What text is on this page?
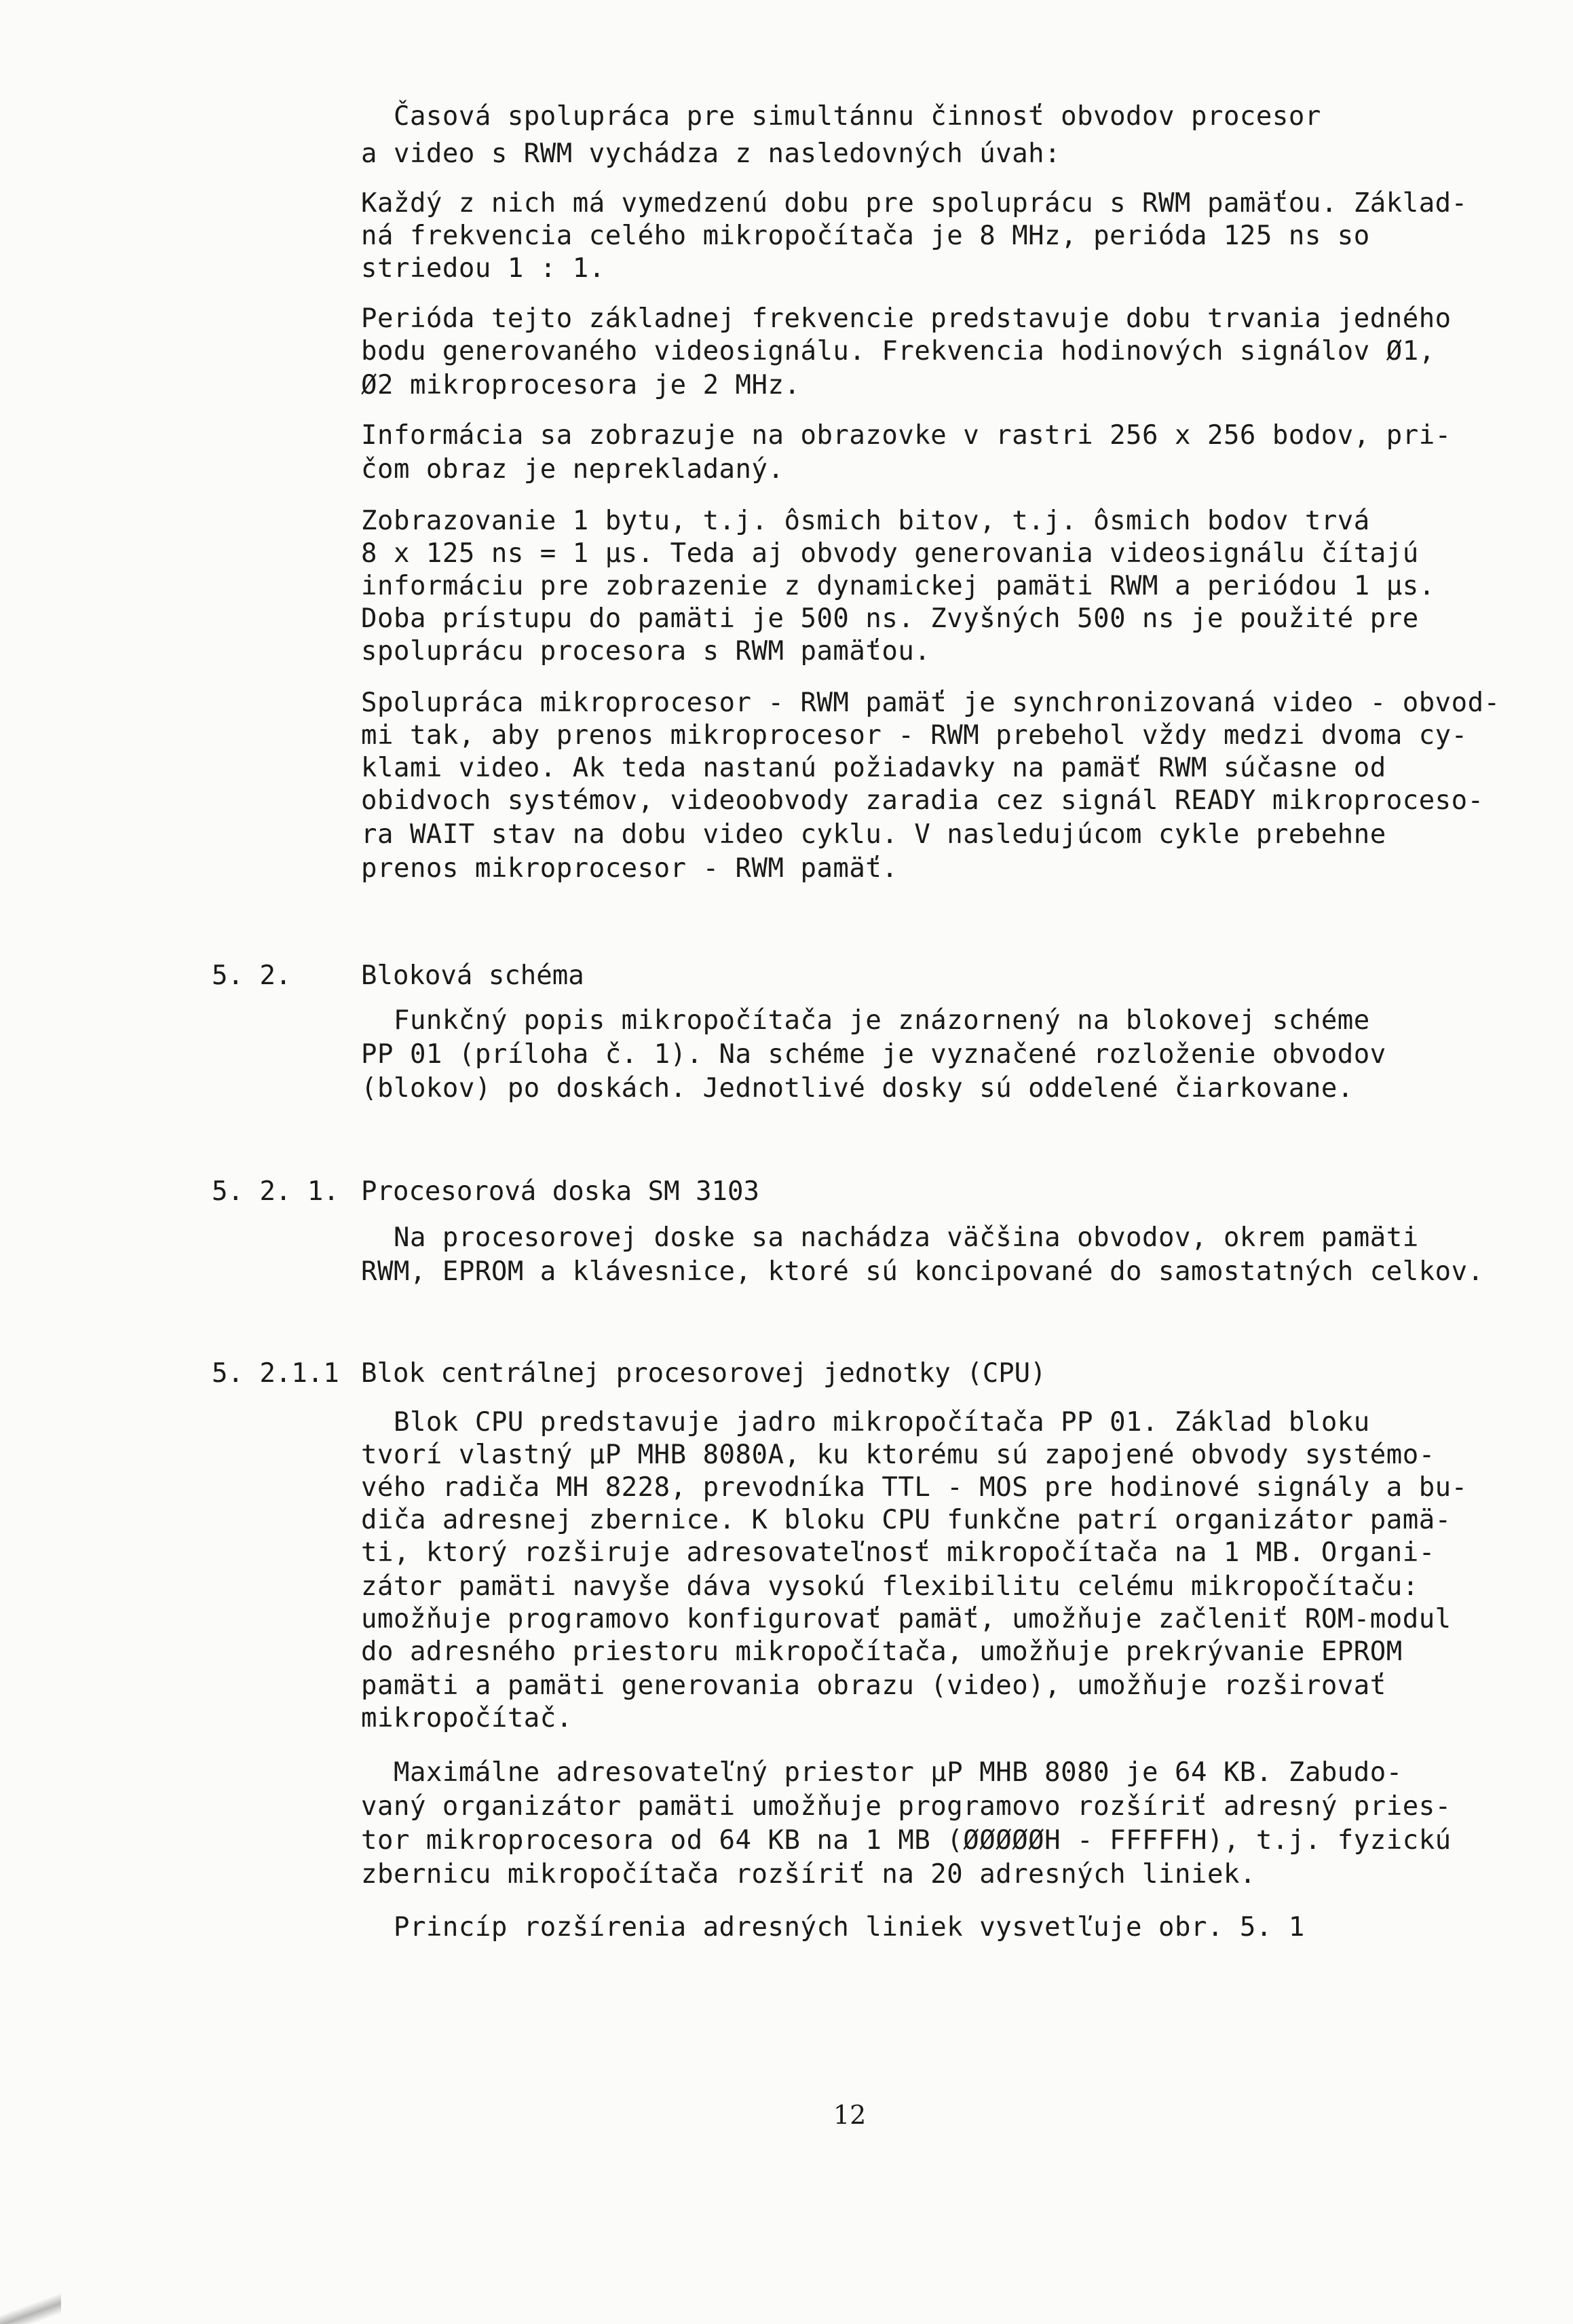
Časová spolupráca pre simultánnu činnosť obvodov procesor
a video s RWM vychádza z nasledovných úvah:
Každý z nich má vymedzenú dobu pre spoluprácu s RWM pamäťou. Základ-
ná frekvencia celého mikropočítača je 8 MHz, perióda 125 ns so
striedou 1 : 1.
Perióda tejto základnej frekvencie predstavuje dobu trvania jedného
bodu generovaného videosignálu. Frekvencia hodinových signálov Ø1,
Ø2 mikroprocesora je 2 MHz.
Informácia sa zobrazuje na obrazovke v rastri 256 x 256 bodov, pri-
čom obraz je neprekladaný.
Zobrazovanie 1 bytu, t.j. ôsmich bitov, t.j. ôsmich bodov trvá
8 x 125 ns = 1 µs. Teda aj obvody generovania videosignálu čítajú
informáciu pre zobrazenie z dynamickej pamäti RWM a periódou 1 µs.
Doba prístupu do pamäti je 500 ns. Zvyšných 500 ns je použité pre
spoluprácu procesora s RWM pamäťou.
Spolupráca mikroprocesor - RWM pamäť je synchronizovaná video - obvod-
mi tak, aby prenos mikroprocesor - RWM prebehol vždy medzi dvoma cy-
klami video. Ak teda nastanú požiadavky na pamäť RWM súčasne od
obidvoch systémov, videoobvody zaradia cez signál READY mikroproceso-
ra WAIT stav na dobu video cyklu. V nasledujúcom cykle prebehne
prenos mikroprocesor - RWM pamäť.
5. 2.	Bloková schéma
Funkčný popis mikropočítača je znázornený na blokovej schéme
PP 01 (príloha č. 1). Na schéme je vyznačené rozloženie obvodov
(blokov) po doskách. Jednotlivé dosky sú oddelené čiarkovane.
5. 2. 1. Procesorová doska SM 3103
Na procesorovej doske sa nachádza väčšina obvodov, okrem pamäti
RWM, EPROM a klávesnice, ktoré sú koncipované do samostatných celkov.
5. 2.1.1 Blok centrálnej procesorovej jednotky (CPU)
Blok CPU predstavuje jadro mikropočítača PP 01. Základ bloku
tvorí vlastný µP MHB 8080A, ku ktorému sú zapojené obvody systémo-
vého radiča MH 8228, prevodníka TTL - MOS pre hodinové signály a bu-
diča adresnej zbernice. K bloku CPU funkčne patrí organizátor pamä-
ti, ktorý rozširuje adresovateľnosť mikropočítača na 1 MB. Organi-
zátor pamäti navyše dáva vysokú flexibilitu celému mikropočítaču:
umožňuje programovo konfigurovať pamäť, umožňuje začleniť ROM-modul
do adresného priestoru mikropočítača, umožňuje prekrývanie EPROM
pamäti a pamäti generovania obrazu (video), umožňuje rozširovať
mikropočítač.
Maximálne adresovateľný priestor µP MHB 8080 je 64 KB. Zabudo-
vaný organizátor pamäti umožňuje programovo rozšíriť adresný pries-
tor mikroprocesora od 64 KB na 1 MB (ØØØØØH - FFFFFH), t.j. fyzickú
zbernicu mikropočítača rozšíriť na 20 adresných liniek.
Princíp rozšírenia adresných liniek vysvetľuje obr. 5. 1
12
